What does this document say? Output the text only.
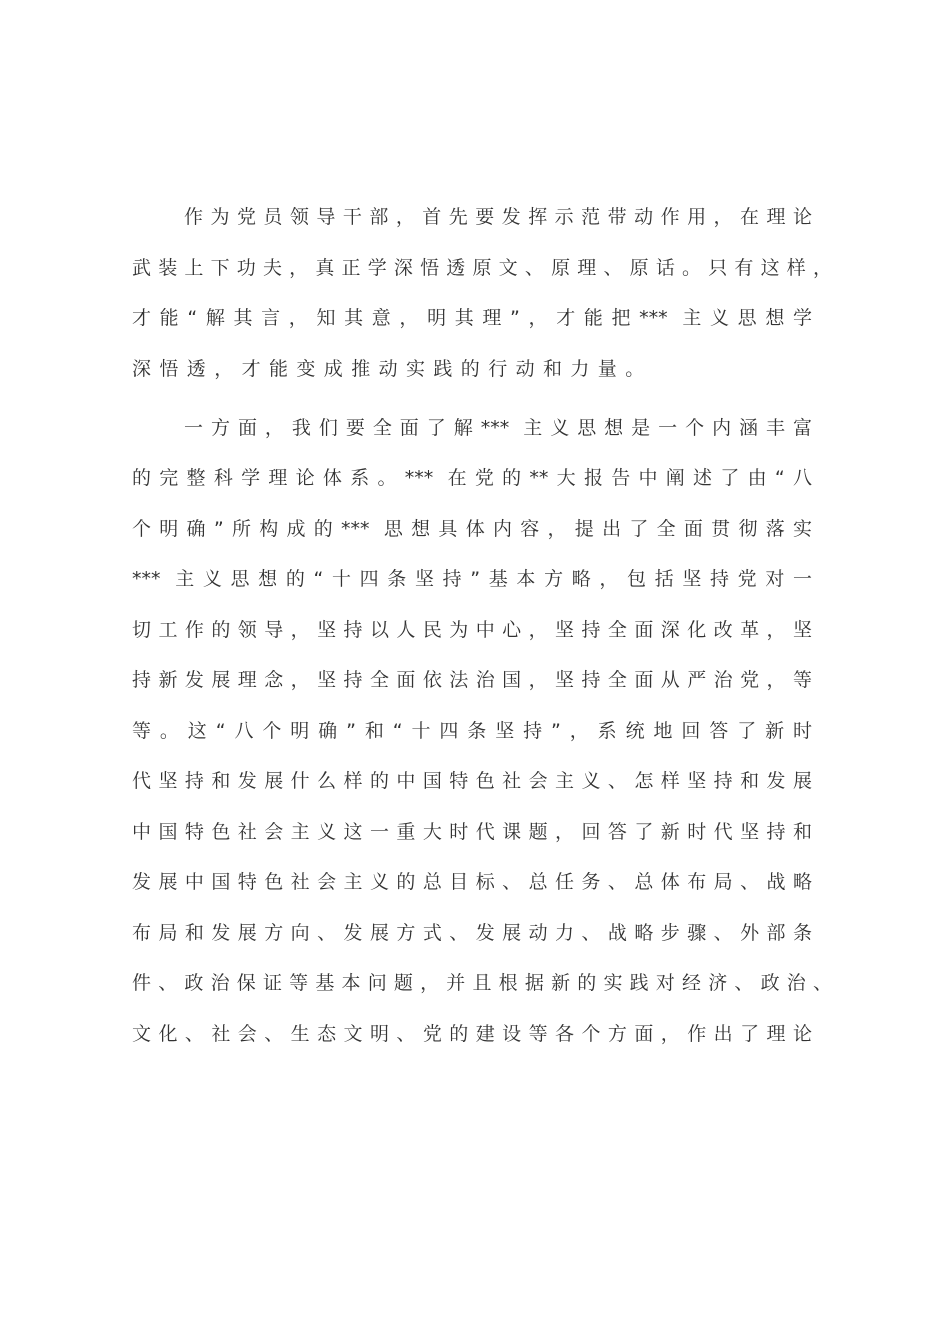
作为党员领导干部，首先要发挥示范带动作用，在理论
武装上下功夫，真正学深悟透原文、原理、原话。只有这样，
才能“解其言，知其意，明其理”，才能把*** 主义思想学
深悟透，才能变成推动实践的行动和力量。
一方面，我们要全面了解*** 主义思想是一个内涵丰富
的完整科学理论体系。*** 在党的**大报告中阐述了由“八
个明确”所构成的*** 思想具体内容，提出了全面贯彻落实
*** 主义思想的“十四条坚持”基本方略，包括坚持党对一
切工作的领导，坚持以人民为中心，坚持全面深化改革，坚
持新发展理念，坚持全面依法治国，坚持全面从严治党，等
等。这“八个明确”和“十四条坚持”，系统地回答了新时
代坚持和发展什么样的中国特色社会主义、怎样坚持和发展
中国特色社会主义这一重大时代课题，回答了新时代坚持和
发展中国特色社会主义的总目标、总任务、总体布局、战略
布局和发展方向、发展方式、发展动力、战略步骤、外部条
件、政治保证等基本问题，并且根据新的实践对经济、政治、
文化、社会、生态文明、党的建设等各个方面，作出了理论
